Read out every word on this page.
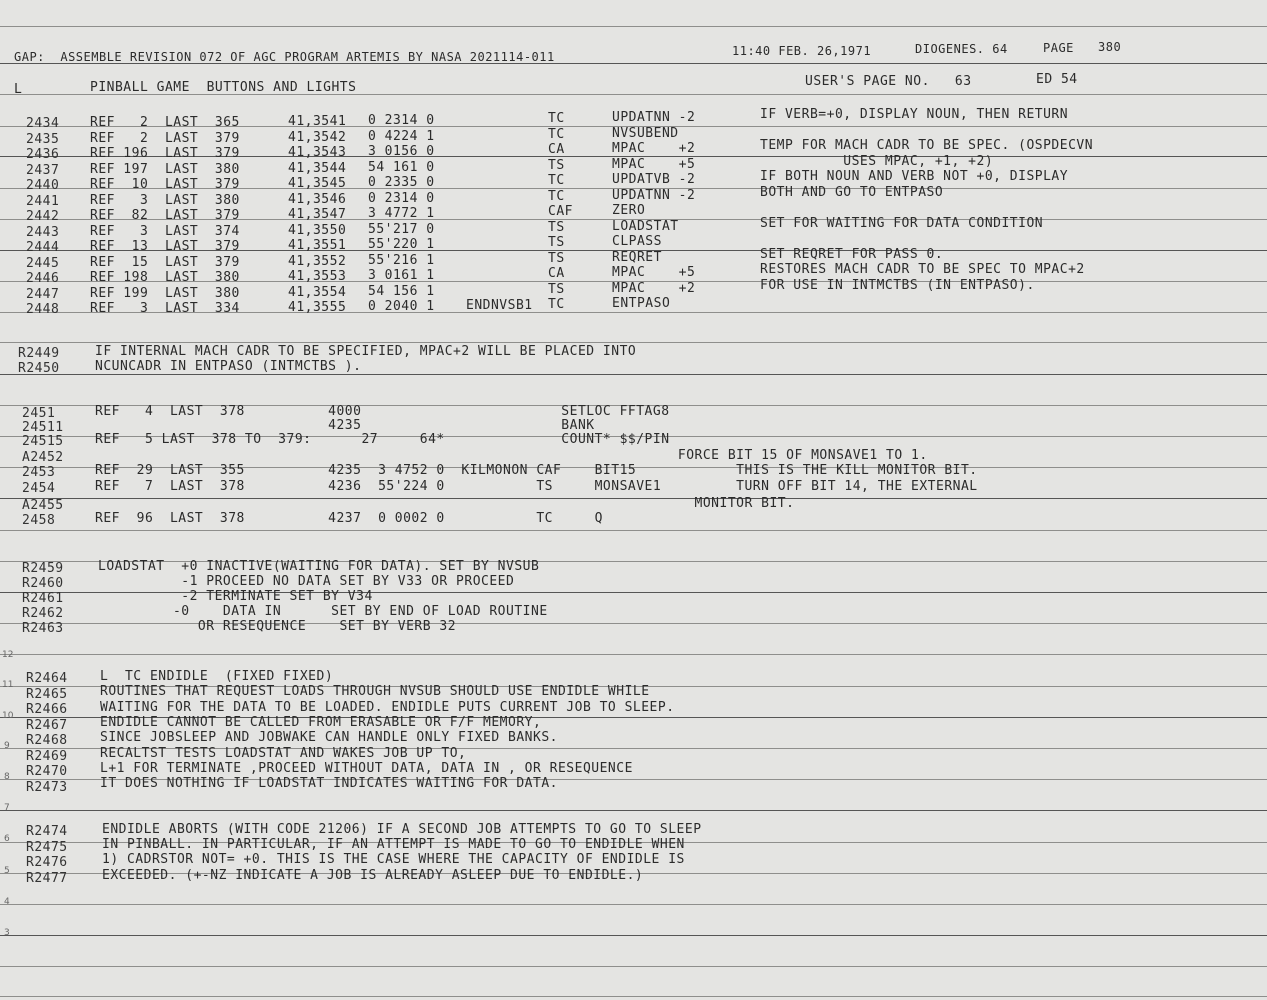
12
11
10
9
8
7
6
5
4
3
GAP:  ASSEMBLE REVISION 072 OF AGC PROGRAM ARTEMIS BY NASA 2021114-011	11:40 FEB. 26,1971	DIOGENES. 64	PAGE 380
L	PINBALL GAME  BUTTONS AND LIGHTS	USER'S PAGE NO.   63	ED 54
2434 REF   2  LAST  365	41,3541 0 2314 0	TC	UPDATNN -2	IF VERB=+0, DISPLAY NOUN, THEN RETURN
2435 REF   2  LAST  379	41,3542 0 4224 1	TC	NVSUBEND
2436 REF 196  LAST  379	41,3543 3 0156 0	CA	MPAC    +2	TEMP FOR MACH CADR TO BE SPEC. (OSPDECVN
2437 REF 197  LAST  380	41,3544 54 161 0	TS	MPAC    +5	USES MPAC, +1, +2)
2440 REF  10  LAST  379	41,3545 0 2335 0	TC	UPDATVB -2	IF BOTH NOUN AND VERB NOT +0, DISPLAY
2441 REF   3  LAST  380	41,3546 0 2314 0	TC	UPDATNN -2	BOTH AND GO TO ENTPASO
2442 REF  82  LAST  379	41,3547 3 4772 1	CAF	ZERO
2443 REF   3  LAST  374	41,3550 55'217 0	TS	LOADSTAT	SET FOR WAITING FOR DATA CONDITION
2444 REF  13  LAST  379	41,3551 55'220 1	TS	CLPASS
2445 REF  15  LAST  379	41,3552 55'216 1	TS	REQRET	SET REQRET FOR PASS 0.
2446 REF 198  LAST  380	41,3553 3 0161 1	CA	MPAC    +5	RESTORES MACH CADR TO BE SPEC TO MPAC+2
2447 REF 199  LAST  380	41,3554 54 156 1	TS	MPAC    +2	FOR USE IN INTMCTBS (IN ENTPASO).
2448 REF   3  LAST  334	41,3555 0 2040 1 ENDNVSB1 TC	ENTPASO
R2449	IF INTERNAL MACH CADR TO BE SPECIFIED, MPAC+2 WILL BE PLACED INTO
R2450	NCUNCADR IN ENTPASO (INTMCTBS ).
2451	REF   4  LAST  378          4000                        SETLOC FFTAG8
24511 4235                        BANK
24515 REF   5 LAST  378 TO  379:      27     64*              COUNT* $$/PIN
A2452 FORCE BIT 15 OF MONSAVE1 TO 1.
2453	REF  29  LAST  355          4235  3 4752 0  KILMONON CAF    BIT15            THIS IS THE KILL MONITOR BIT.
2454	REF   7  LAST  378          4236  55'224 0           TS     MONSAVE1         TURN OFF BIT 14, THE EXTERNAL
A2455 MONITOR BIT.
2458	REF  96  LAST  378          4237  0 0002 0           TC     Q
R2459	LOADSTAT  +0 INACTIVE(WAITING FOR DATA). SET BY NVSUB
R2460	-1 PROCEED NO DATA SET BY V33 OR PROCEED
R2461	-2 TERMINATE SET BY V34
R2462	-0    DATA IN      SET BY END OF LOAD ROUTINE
R2463	OR RESEQUENCE    SET BY VERB 32
R2464 L  TC ENDIDLE  (FIXED FIXED)
R2465 ROUTINES THAT REQUEST LOADS THROUGH NVSUB SHOULD USE ENDIDLE WHILE
R2466 WAITING FOR THE DATA TO BE LOADED. ENDIDLE PUTS CURRENT JOB TO SLEEP.
R2467 ENDIDLE CANNOT BE CALLED FROM ERASABLE OR F/F MEMORY,
R2468 SINCE JOBSLEEP AND JOBWAKE CAN HANDLE ONLY FIXED BANKS.
R2469 RECALTST TESTS LOADSTAT AND WAKES JOB UP TO,
R2470 L+1 FOR TERMINATE ,PROCEED WITHOUT DATA, DATA IN , OR RESEQUENCE
R2473 IT DOES NOTHING IF LOADSTAT INDICATES WAITING FOR DATA.
R2474	ENDIDLE ABORTS (WITH CODE 21206) IF A SECOND JOB ATTEMPTS TO GO TO SLEEP
R2475	IN PINBALL. IN PARTICULAR, IF AN ATTEMPT IS MADE TO GO TO ENDIDLE WHEN
R2476	1) CADRSTOR NOT= +0. THIS IS THE CASE WHERE THE CAPACITY OF ENDIDLE IS
R2477	EXCEEDED. (+-NZ INDICATE A JOB IS ALREADY ASLEEP DUE TO ENDIDLE.)
